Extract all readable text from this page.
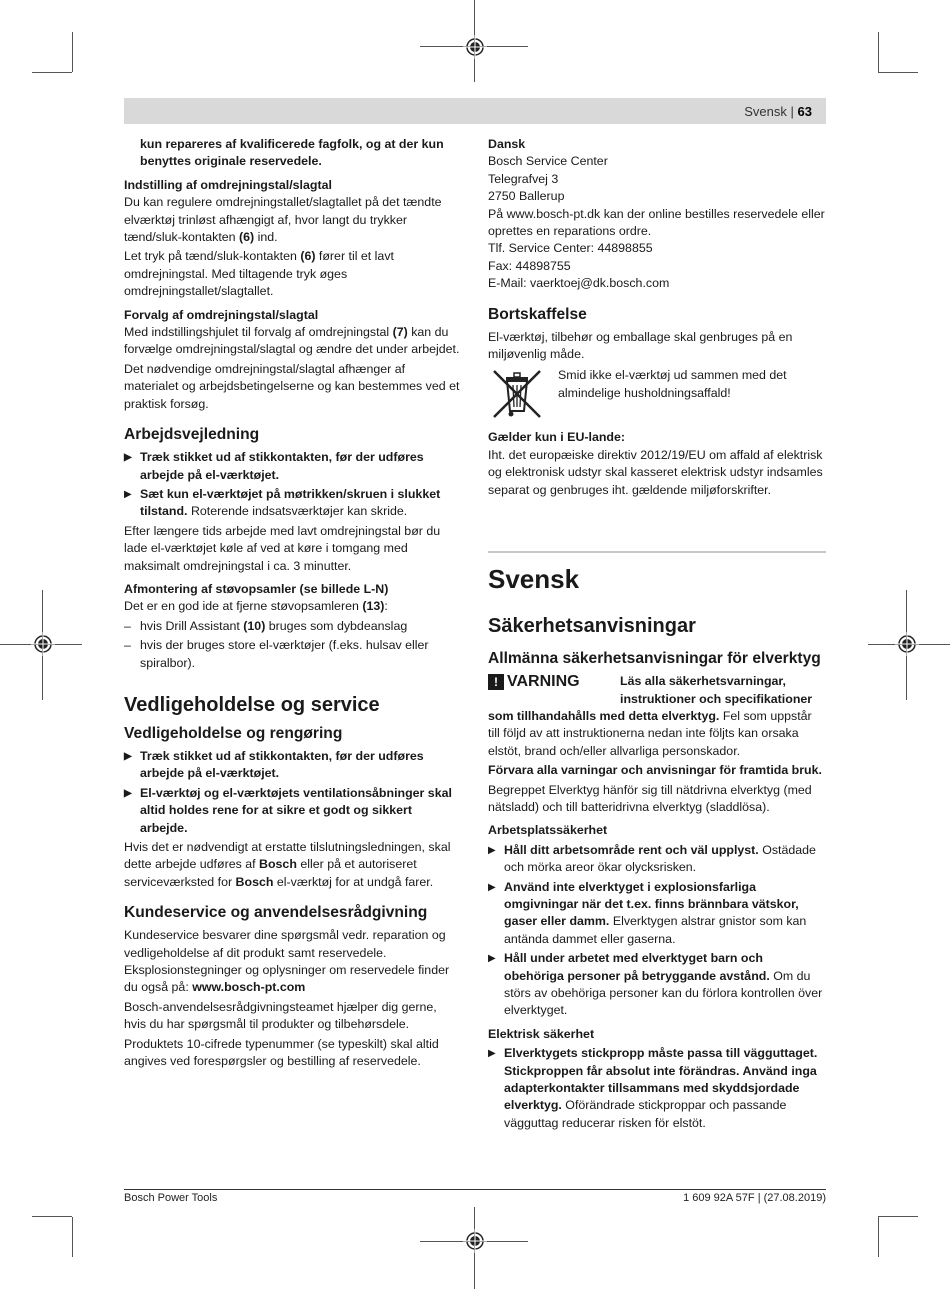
Svensk | 63

kun repareres af kvalificerede fagfolk, og at der kun benyttes originale reservedele.

Indstilling af omdrejningstal/slagtal

Du kan regulere omdrejningstallet/slagtallet på det tændte elværktøj trinløst afhængigt af, hvor langt du trykker tænd/sluk-kontakten (6) ind.

Let tryk på tænd/sluk-kontakten (6) fører til et lavt omdrejningstal. Med tiltagende tryk øges omdrejningstallet/slagtallet.

Forvalg af omdrejningstal/slagtal

Med indstillingshjulet til forvalg af omdrejningstal (7) kan du forvælge omdrejningstal/slagtal og ændre det under arbejdet.

Det nødvendige omdrejningstal/slagtal afhænger af materialet og arbejdsbetingelserne og kan bestemmes ved et praktisk forsøg.

Arbejdsvejledning
▶ Træk stikket ud af stikkontakten, før der udføres arbejde på el-værktøjet.
▶ Sæt kun el-værktøjet på møtrikken/skruen i slukket tilstand. Roterende indsatsværktøjer kan skride.

Efter længere tids arbejde med lavt omdrejningstal bør du lade el-værktøjet køle af ved at køre i tomgang med maksimalt omdrejningstal i ca. 3 minutter.

Afmontering af støvopsamler (se billede L-N)

Det er en god ide at fjerne støvopsamleren (13):

– hvis Drill Assistant (10) bruges som dybdeanslag
– hvis der bruges store el-værktøjer (f.eks. hulsav eller spiralbor).
Vedligeholdelse og service
Vedligeholdelse og rengøring
▶ Træk stikket ud af stikkontakten, før der udføres arbejde på el-værktøjet.
▶ El-værktøj og el-værktøjets ventilationsåbninger skal altid holdes rene for at sikre et godt og sikkert arbejde.

Hvis det er nødvendigt at erstatte tilslutningsledningen, skal dette arbejde udføres af Bosch eller på et autoriseret serviceværksted for Bosch el-værktøj for at undgå farer.

Kundeservice og anvendelsesrådgivning

Kundeservice besvarer dine spørgsmål vedr. reparation og vedligeholdelse af dit produkt samt reservedele. Eksplosionstegninger og oplysninger om reservedele finder du også på: www.bosch-pt.com

Bosch-anvendelsesrådgivningsteamet hjælper dig gerne, hvis du har spørgsmål til produkter og tilbehørsdele.

Produktets 10-cifrede typenummer (se typeskilt) skal altid angives ved forespørgsler og bestilling af reservedele.

Dansk
Bosch Service Center
Telegrafvej 3
2750 Ballerup
På www.bosch-pt.dk kan der online bestilles reservedele eller oprettes en reparations ordre.
Tlf. Service Center: 44898855
Fax: 44898755
E-Mail: vaerktoej@dk.bosch.com
Bortskaffelse

El-værktøj, tilbehør og emballage skal genbruges på en miljøvenlig måde.

Smid ikke el-værktøj ud sammen med det almindelige husholdningsaffald!
Gælder kun i EU-lande:

Iht. det europæiske direktiv 2012/19/EU om affald af elektrisk og elektronisk udstyr skal kasseret elektrisk udstyr indsamles separat og genbruges iht. gældende miljøforskrifter.

Svensk
Säkerhetsanvisningar
Allmänna säkerhetsanvisningar för elverktyg
! VARNING	Läs alla säkerhetsvarningar, instruktioner och specifikationer

som tillhandahålls med detta elverktyg. Fel som uppstår till följd av att instruktionerna nedan inte följts kan orsaka elstöt, brand och/eller allvarliga personskador.

Förvara alla varningar och anvisningar för framtida bruk.

Begreppet Elverktyg hänför sig till nätdrivna elverktyg (med nätsladd) och till batteridrivna elverktyg (sladdlösa).

Arbetsplatssäkerhet
▶ Håll ditt arbetsområde rent och väl upplyst. Ostädade och mörka areor ökar olycksrisken.
▶ Använd inte elverktyget i explosionsfarliga omgivningar när det t.ex. finns brännbara vätskor, gaser eller damm. Elverktygen alstrar gnistor som kan antända dammet eller gaserna.
▶ Håll under arbetet med elverktyget barn och obehöriga personer på betryggande avstånd. Om du störs av obehöriga personer kan du förlora kontrollen över elverktyget.
Elektrisk säkerhet
▶ Elverktygets stickpropp måste passa till vägguttaget. Stickproppen får absolut inte förändras. Använd inga adapterkontakter tillsammans med skyddsjordade elverktyg. Oförändrade stickproppar och passande vägguttag reducerar risken för elstöt.
Bosch Power Tools	1 609 92A 57F | (27.08.2019)
